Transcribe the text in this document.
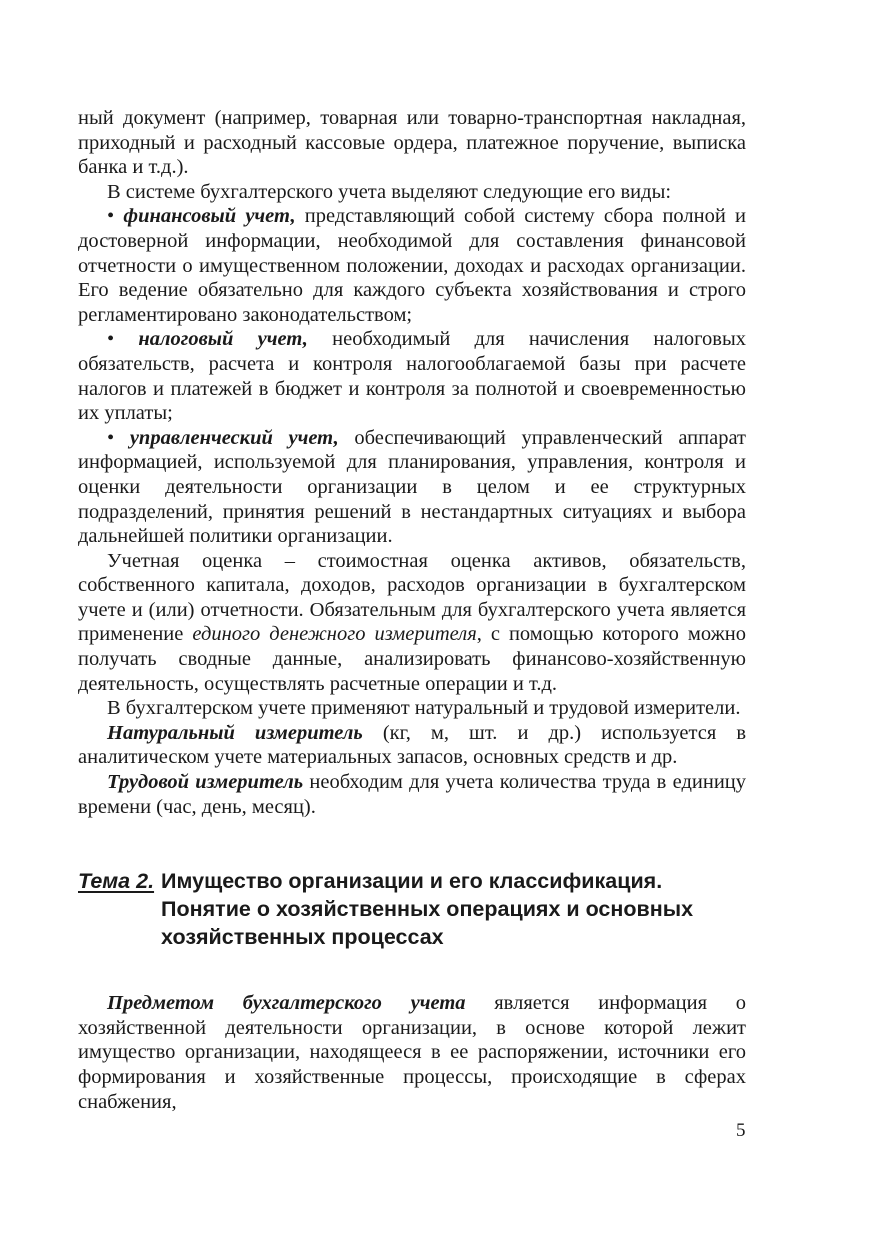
ный документ (например, товарная или товарно-транспортная накладная, приходный и расходный кассовые ордера, платежное поручение, выписка банка и т.д.).

В системе бухгалтерского учета выделяют следующие его виды:

• финансовый учет, представляющий собой систему сбора полной и достоверной информации, необходимой для составления финансовой отчетности о имущественном положении, доходах и расходах организации. Его ведение обязательно для каждого субъекта хозяйствования и строго регламентировано законодательством;

• налоговый учет, необходимый для начисления налоговых обязательств, расчета и контроля налогооблагаемой базы при расчете налогов и платежей в бюджет и контроля за полнотой и своевременностью их уплаты;

• управленческий учет, обеспечивающий управленческий аппарат информацией, используемой для планирования, управления, контроля и оценки деятельности организации в целом и ее структурных подразделений, принятия решений в нестандартных ситуациях и выбора дальнейшей политики организации.

Учетная оценка – стоимостная оценка активов, обязательств, собственного капитала, доходов, расходов организации в бухгалтерском учете и (или) отчетности. Обязательным для бухгалтерского учета является применение единого денежного измерителя, с помощью которого можно получать сводные данные, анализировать финансово-хозяйственную деятельность, осуществлять расчетные операции и т.д.

В бухгалтерском учете применяют натуральный и трудовой измерители.

Натуральный измеритель (кг, м, шт. и др.) используется в аналитическом учете материальных запасов, основных средств и др.

Трудовой измеритель необходим для учета количества труда в единицу времени (час, день, месяц).

Тема 2. Имущество организации и его классификация.
Понятие о хозяйственных операциях и основных
хозяйственных процессах

Предметом бухгалтерского учета является информация о хозяйственной деятельности организации, в основе которой лежит имущество организации, находящееся в ее распоряжении, источники его формирования и хозяйственные процессы, происходящие в сферах снабжения,

5
